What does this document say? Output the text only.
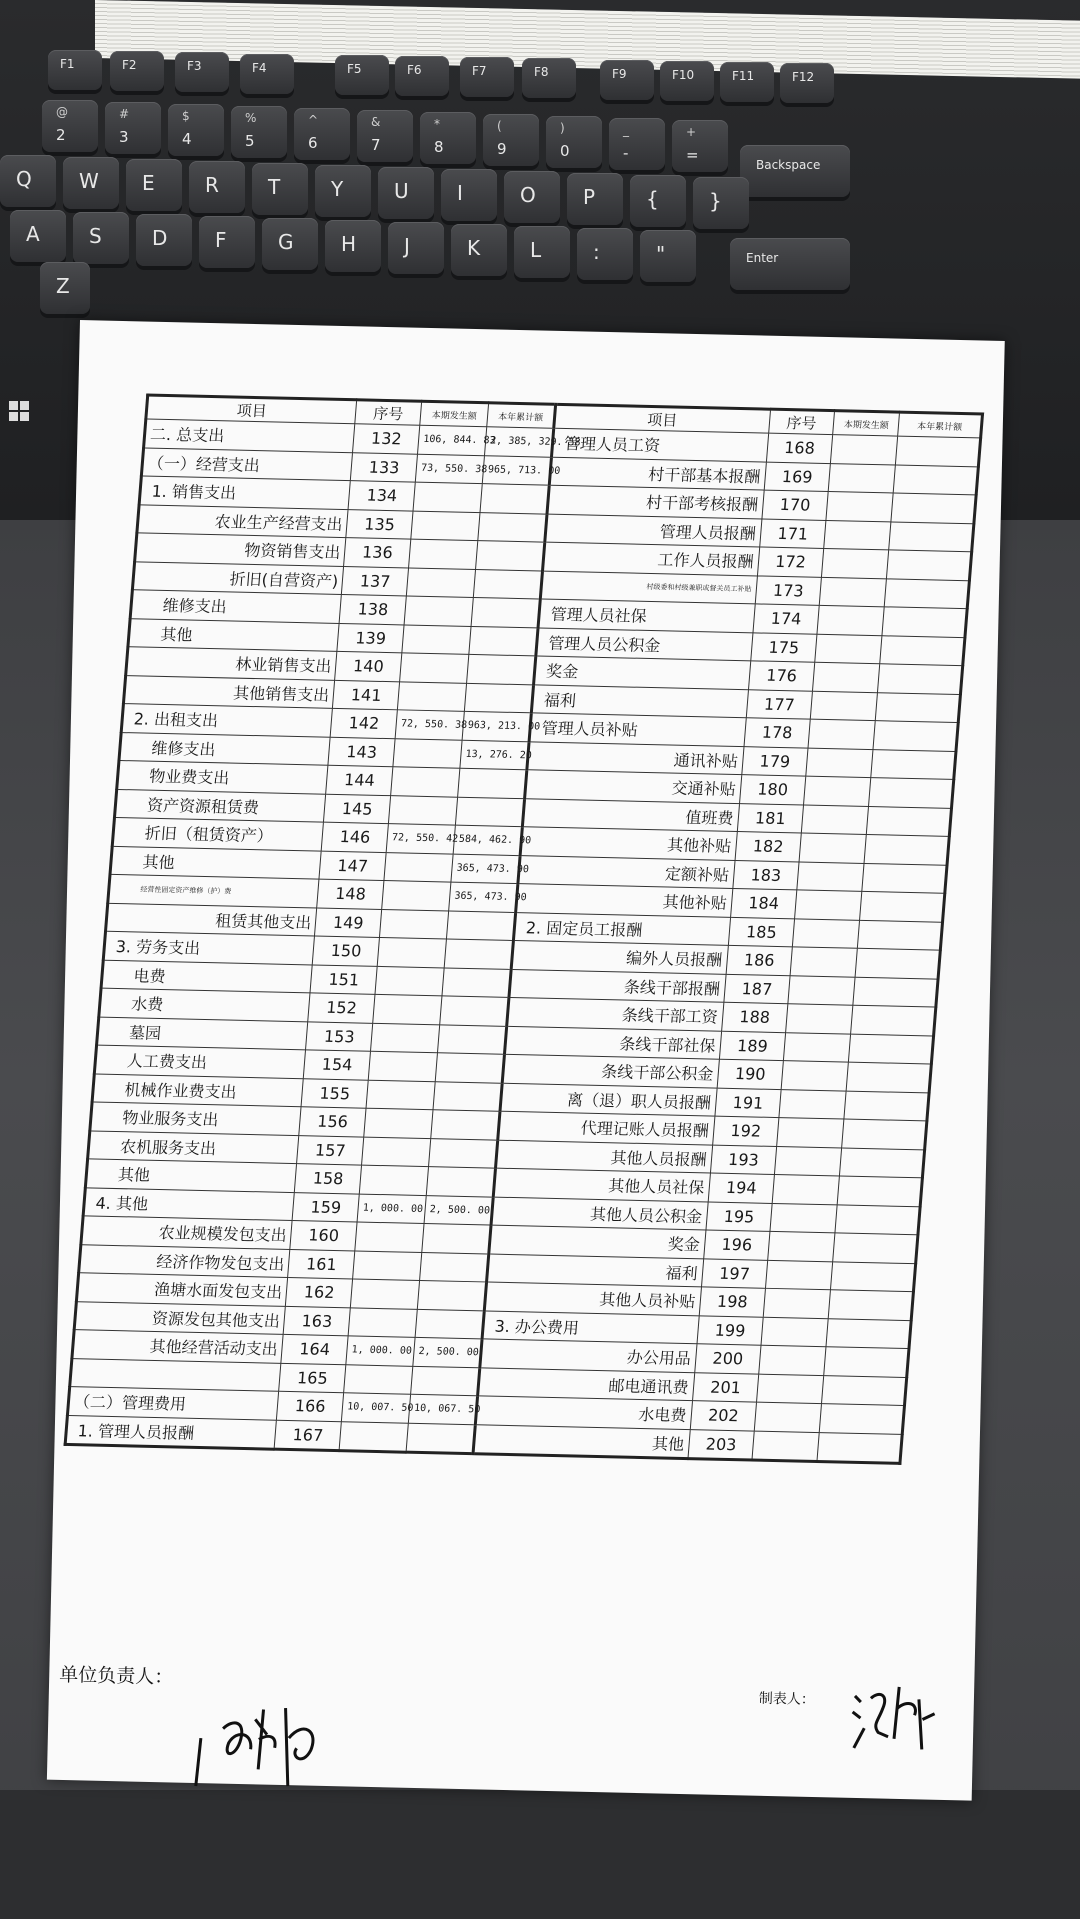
F1	F2	F3	F4	F5	F6	F7	F8	F9	F10	F11	F12
@
2
#
3
$
4
%
5
^
6
&
7
*
8
(
9
)
0
_
-
+
=
Backspace
Q W E	R T	Y	U I	O P	{	}
A S	D F	G H J	K L	:	"	Enter
Z
项目	序号	本期发生额	本年累计额	项目	序号	本期发生额	本年累计额
二. 总支出	132	106, 844. 83	2, 385, 329. 58	管理人员工资	168		
（一）经营支出	133	73, 550. 38	965, 713. 00	村干部基本报酬	169		
1. 销售支出	134			村干部考核报酬	170		
农业生产经营支出	135			管理人员报酬	171		
物资销售支出	136			工作人员报酬	172		
折旧(自营资产)	137			村级委和村级兼职或督关员工补贴	173		
维修支出	138			管理人员社保	174		
其他	139			管理人员公积金	175		
林业销售支出	140			奖金	176		
其他销售支出	141			福利	177		
2. 出租支出	142	72, 550. 38	963, 213. 00	管理人员补贴	178		
维修支出	143		13, 276. 20	通讯补贴	179		
物业费支出	144			交通补贴	180		
资产资源租赁费	145			值班费	181		
折旧（租赁资产）	146	72, 550. 42	584, 462. 90	其他补贴	182		
其他	147		365, 473. 90	定额补贴	183		
经营性固定资产维修（护）费	148		365, 473. 90	其他补贴	184		
租赁其他支出	149			2. 固定员工报酬	185		
3. 劳务支出	150			编外人员报酬	186		
电费	151			条线干部报酬	187		
水费	152			条线干部工资	188		
墓园	153			条线干部社保	189		
人工费支出	154			条线干部公积金	190		
机械作业费支出	155			离（退）职人员报酬	191		
物业服务支出	156			代理记账人员报酬	192		
农机服务支出	157			其他人员报酬	193		
其他	158			其他人员社保	194		
4. 其他	159	1, 000. 00	2, 500. 00	其他人员公积金	195		
农业规模发包支出	160			奖金	196		
经济作物发包支出	161			福利	197		
渔塘水面发包支出	162			其他人员补贴	198		
资源发包其他支出	163			3. 办公费用	199		
其他经营活动支出	164	1, 000. 00	2, 500. 00	办公用品	200		
	165			邮电通讯费	201		
（二）管理费用	166	10, 007. 50	10, 067. 50	水电费	202		
1. 管理人员报酬	167			其他	203		
单位负责人：
制表人：
